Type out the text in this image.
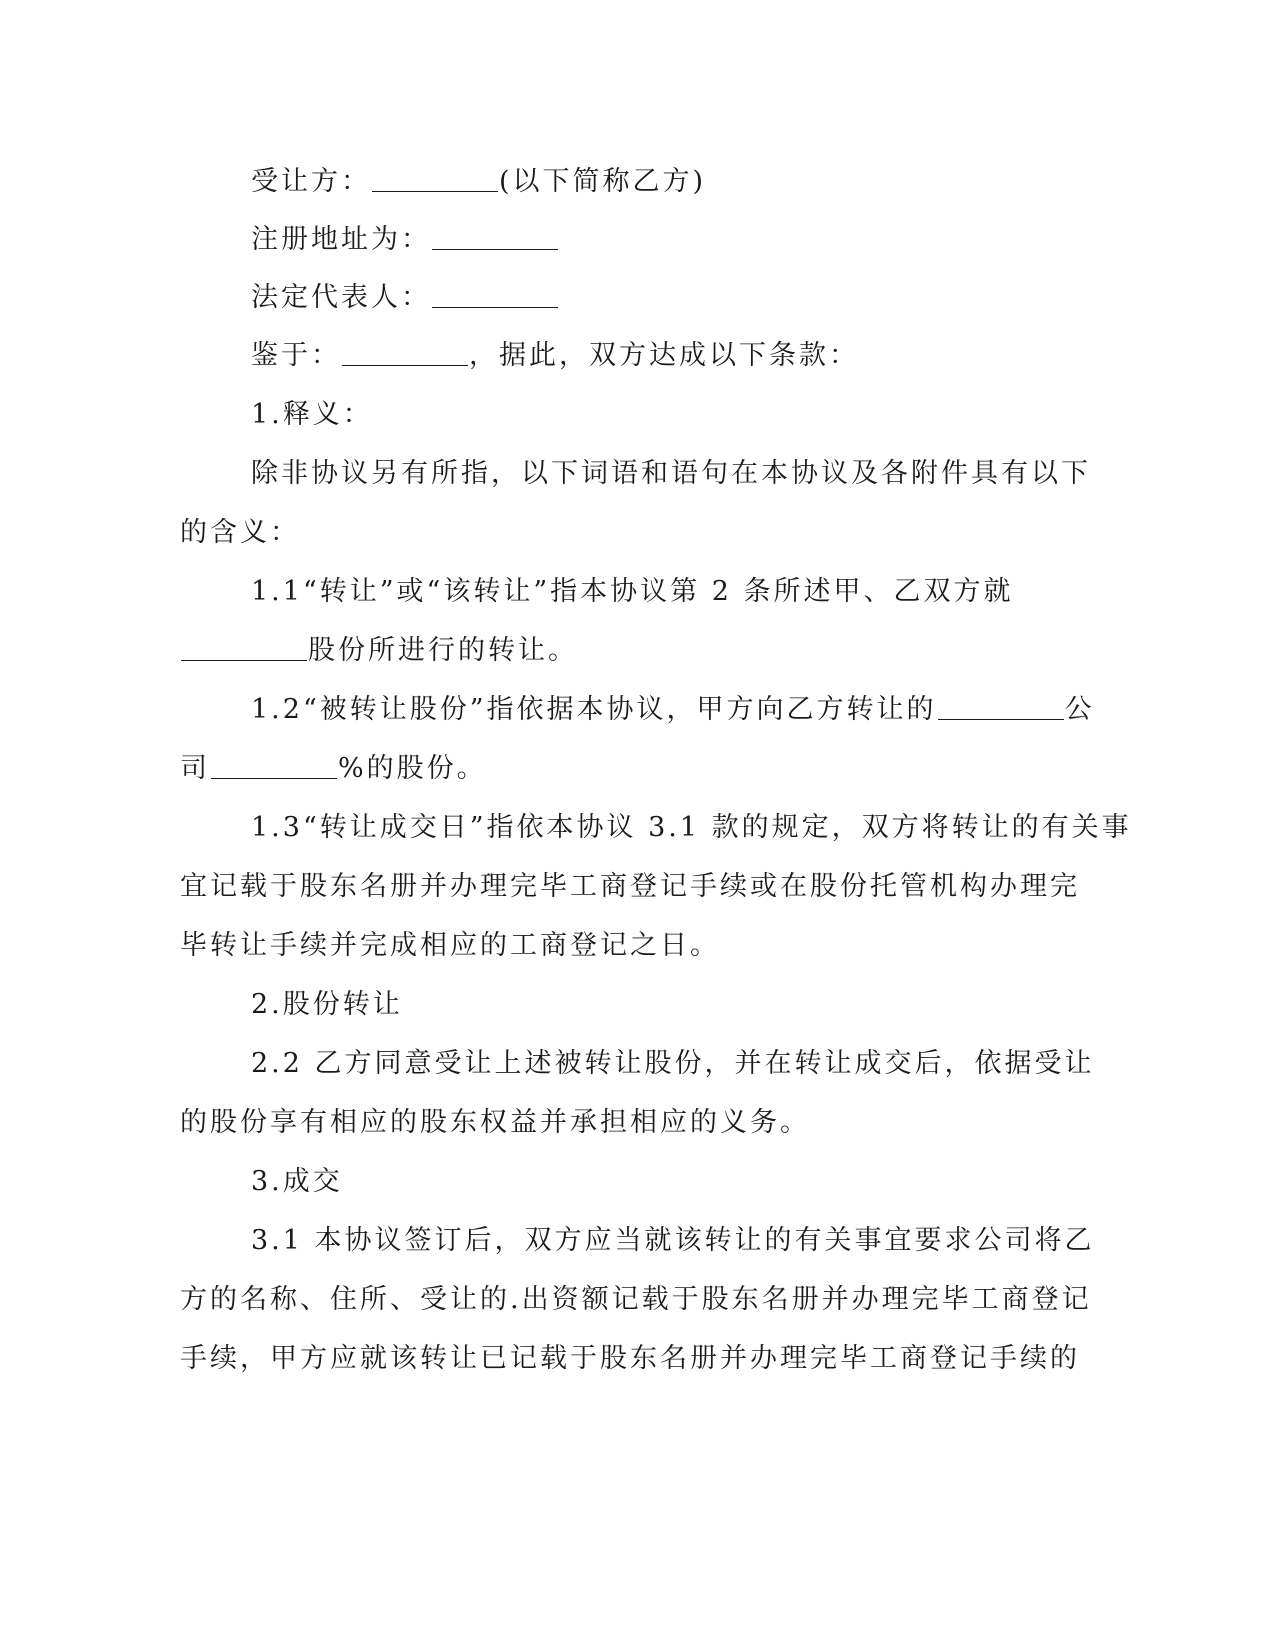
受让方：	(以下简称乙方)
注册地址为：
法定代表人：
鉴于：	，据此，双方达成以下条款：
1.释义：
除非协议另有所指，以下词语和语句在本协议及各附件具有以下
的含义：
1.1“转让”或“该转让”指本协议第 2 条所述甲、乙双方就
股份所进行的转让。
1.2“被转让股份”指依据本协议，甲方向乙方转让的	公
司	%的股份。
1.3“转让成交日”指依本协议 3.1 款的规定，双方将转让的有关事
宜记载于股东名册并办理完毕工商登记手续或在股份托管机构办理完
毕转让手续并完成相应的工商登记之日。
2.股份转让
2.2 乙方同意受让上述被转让股份，并在转让成交后，依据受让
的股份享有相应的股东权益并承担相应的义务。
3.成交
3.1 本协议签订后，双方应当就该转让的有关事宜要求公司将乙
方的名称、住所、受让的.出资额记载于股东名册并办理完毕工商登记
手续，甲方应就该转让已记载于股东名册并办理完毕工商登记手续的
